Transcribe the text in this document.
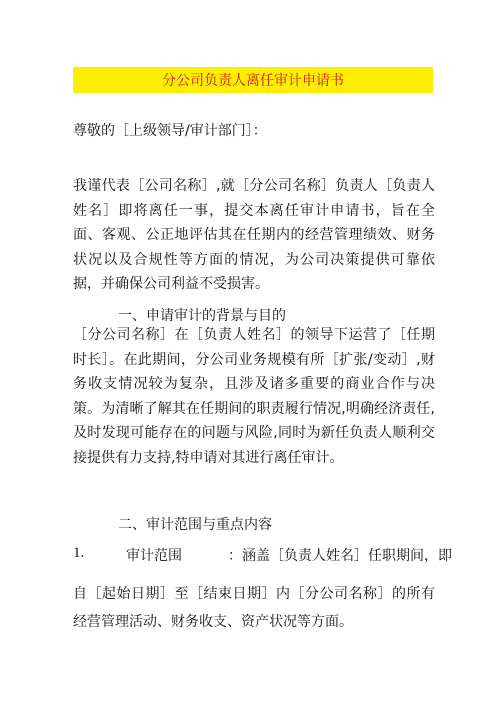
分公司负责人离任审计申请书
尊敬的［上级领导/审计部门］：
我谨代表［公司名称］,就［分公司名称］负责人［负责人姓名］即将离任一事，提交本离任审计申请书，旨在全面、客观、公正地评估其在任期内的经营管理绩效、财务状况以及合规性等方面的情况，为公司决策提供可靠依据，并确保公司利益不受损害。
一、申请审计的背景与目的
［分公司名称］在［负责人姓名］的领导下运营了［任期时长］。在此期间，分公司业务规模有所［扩张/变动］,财务收支情况较为复杂，且涉及诸多重要的商业合作与决策。为清晰了解其在任期间的职责履行情况,明确经济责任,及时发现可能存在的问题与风险,同时为新任负责人顺利交接提供有力支持,特申请对其进行离任审计。
二、审计范围与重点内容
1.	审计范围	：涵盖［负责人姓名］任职期间，即
自［起始日期］至［结束日期］内［分公司名称］的所有经营管理活动、财务收支、资产状况等方面。
